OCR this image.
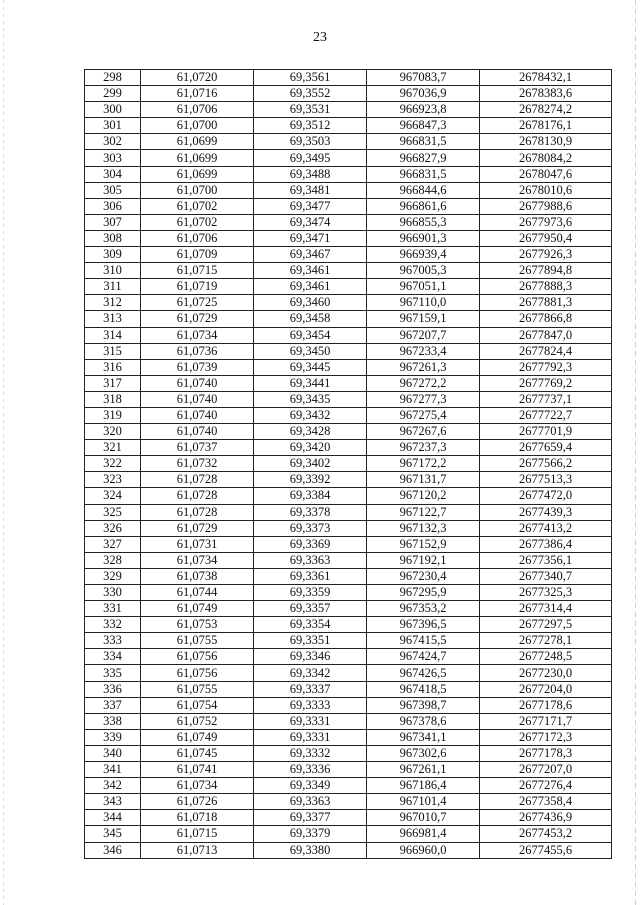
23
298	61,0720	69,3561	967083,7	2678432,1
299	61,0716	69,3552	967036,9	2678383,6
300	61,0706	69,3531	966923,8	2678274,2
301	61,0700	69,3512	966847,3	2678176,1
302	61,0699	69,3503	966831,5	2678130,9
303	61,0699	69,3495	966827,9	2678084,2
304	61,0699	69,3488	966831,5	2678047,6
305	61,0700	69,3481	966844,6	2678010,6
306	61,0702	69,3477	966861,6	2677988,6
307	61,0702	69,3474	966855,3	2677973,6
308	61,0706	69,3471	966901,3	2677950,4
309	61,0709	69,3467	966939,4	2677926,3
310	61,0715	69,3461	967005,3	2677894,8
311	61,0719	69,3461	967051,1	2677888,3
312	61,0725	69,3460	967110,0	2677881,3
313	61,0729	69,3458	967159,1	2677866,8
314	61,0734	69,3454	967207,7	2677847,0
315	61,0736	69,3450	967233,4	2677824,4
316	61,0739	69,3445	967261,3	2677792,3
317	61,0740	69,3441	967272,2	2677769,2
318	61,0740	69,3435	967277,3	2677737,1
319	61,0740	69,3432	967275,4	2677722,7
320	61,0740	69,3428	967267,6	2677701,9
321	61,0737	69,3420	967237,3	2677659,4
322	61,0732	69,3402	967172,2	2677566,2
323	61,0728	69,3392	967131,7	2677513,3
324	61,0728	69,3384	967120,2	2677472,0
325	61,0728	69,3378	967122,7	2677439,3
326	61,0729	69,3373	967132,3	2677413,2
327	61,0731	69,3369	967152,9	2677386,4
328	61,0734	69,3363	967192,1	2677356,1
329	61,0738	69,3361	967230,4	2677340,7
330	61,0744	69,3359	967295,9	2677325,3
331	61,0749	69,3357	967353,2	2677314,4
332	61,0753	69,3354	967396,5	2677297,5
333	61,0755	69,3351	967415,5	2677278,1
334	61,0756	69,3346	967424,7	2677248,5
335	61,0756	69,3342	967426,5	2677230,0
336	61,0755	69,3337	967418,5	2677204,0
337	61,0754	69,3333	967398,7	2677178,6
338	61,0752	69,3331	967378,6	2677171,7
339	61,0749	69,3331	967341,1	2677172,3
340	61,0745	69,3332	967302,6	2677178,3
341	61,0741	69,3336	967261,1	2677207,0
342	61,0734	69,3349	967186,4	2677276,4
343	61,0726	69,3363	967101,4	2677358,4
344	61,0718	69,3377	967010,7	2677436,9
345	61,0715	69,3379	966981,4	2677453,2
346	61,0713	69,3380	966960,0	2677455,6
